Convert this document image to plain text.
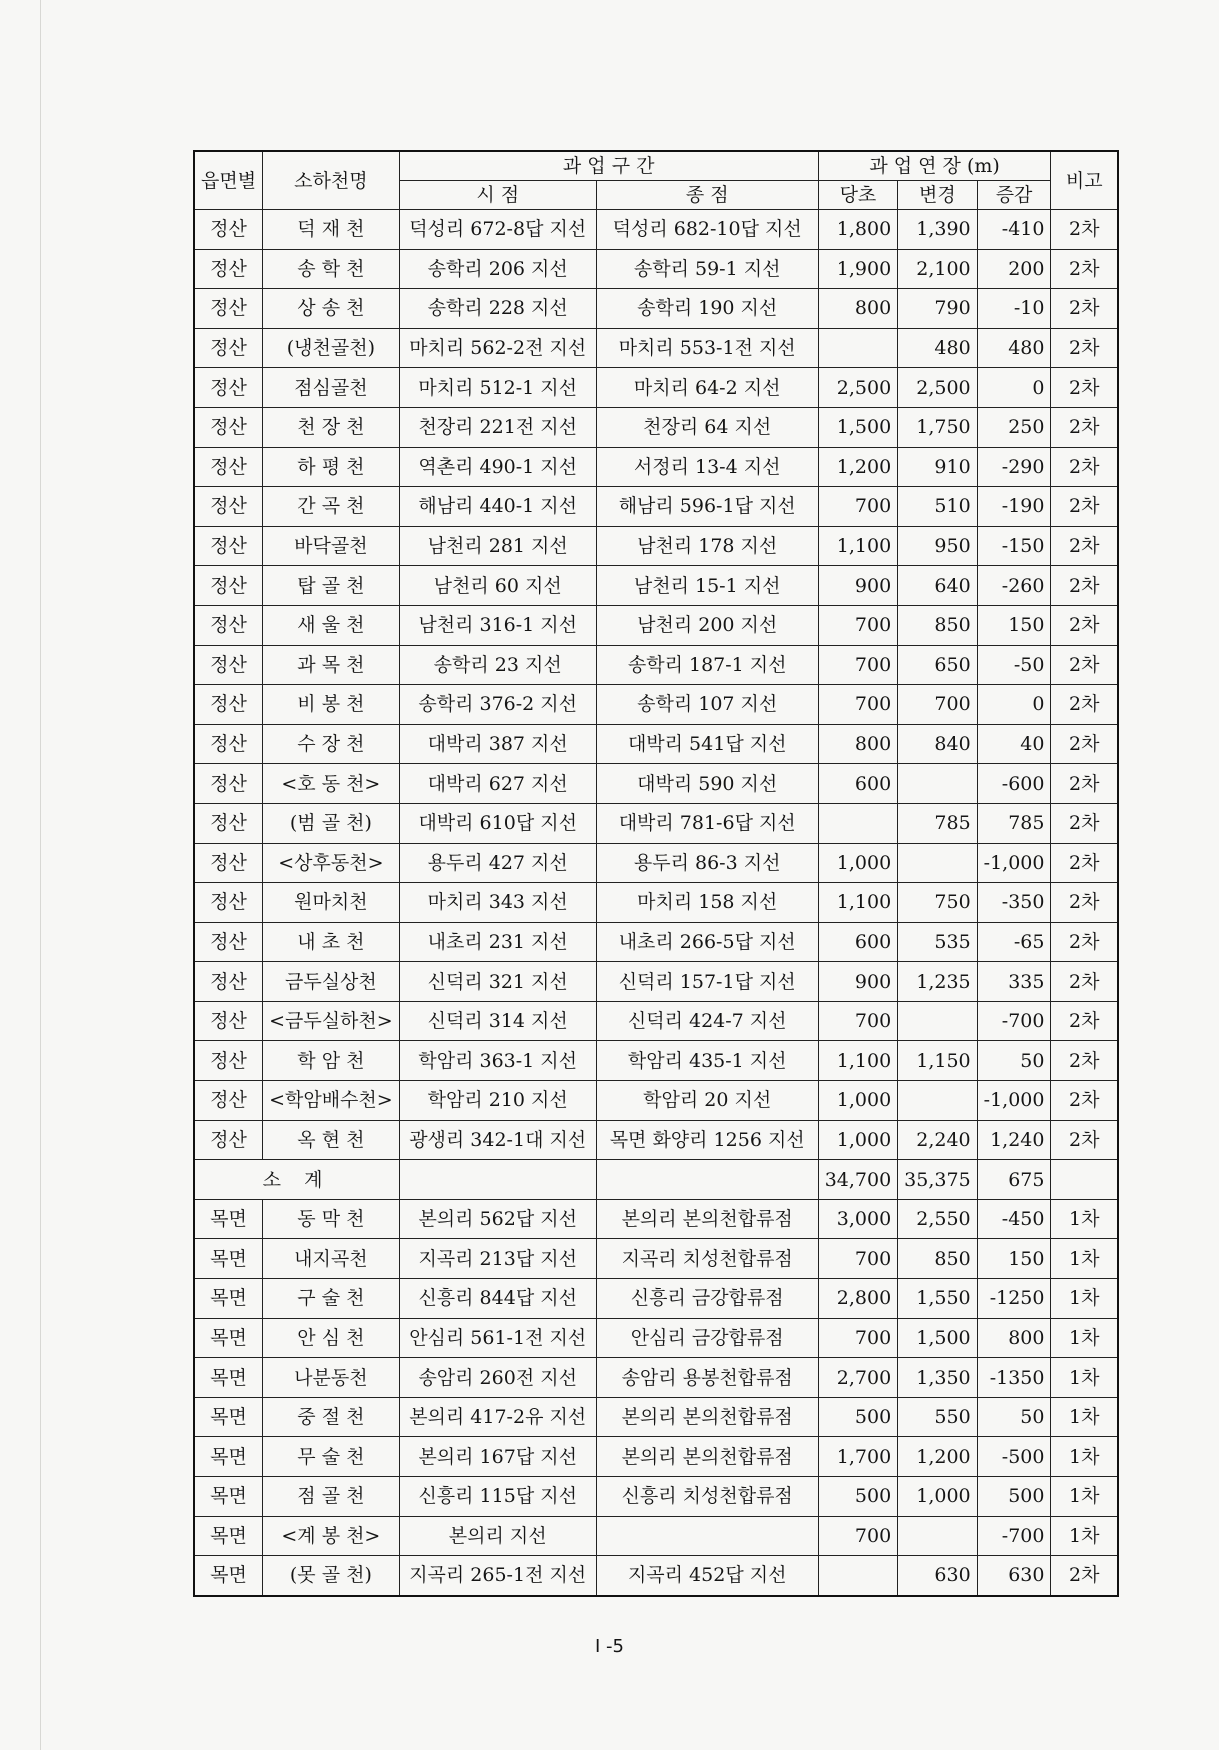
읍면별	소하천명	과 업 구 간		과 업 연 장 (m)			비고
		시 점	종 점	당초	변경	증감	
정산	덕 재 천	덕성리 672-8답 지선	덕성리 682-10답 지선	1,800	1,390	-410	2차
정산	송 학 천	송학리 206 지선	송학리 59-1 지선	1,900	2,100	200	2차
정산	상 송 천	송학리 228 지선	송학리 190 지선	800	790	-10	2차
정산	(냉천골천)	마치리 562-2전 지선	마치리 553-1전 지선		480	480	2차
정산	점심골천	마치리 512-1 지선	마치리 64-2 지선	2,500	2,500	0	2차
정산	천 장 천	천장리 221전 지선	천장리 64 지선	1,500	1,750	250	2차
정산	하 평 천	역촌리 490-1 지선	서정리 13-4 지선	1,200	910	-290	2차
정산	간 곡 천	해남리 440-1 지선	해남리 596-1답 지선	700	510	-190	2차
정산	바닥골천	남천리 281 지선	남천리 178 지선	1,100	950	-150	2차
정산	탑 골 천	남천리 60 지선	남천리 15-1 지선	900	640	-260	2차
정산	새 울 천	남천리 316-1 지선	남천리 200 지선	700	850	150	2차
정산	과 목 천	송학리 23 지선	송학리 187-1 지선	700	650	-50	2차
정산	비 봉 천	송학리 376-2 지선	송학리 107 지선	700	700	0	2차
정산	수 장 천	대박리 387 지선	대박리 541답 지선	800	840	40	2차
정산	<호 동 천>	대박리 627 지선	대박리 590 지선	600		-600	2차
정산	(범 골 천)	대박리 610답 지선	대박리 781-6답 지선		785	785	2차
정산	<상후동천>	용두리 427 지선	용두리 86-3 지선	1,000		-1,000	2차
정산	원마치천	마치리 343 지선	마치리 158 지선	1,100	750	-350	2차
정산	내 초 천	내초리 231 지선	내초리 266-5답 지선	600	535	-65	2차
정산	금두실상천	신덕리 321 지선	신덕리 157-1답 지선	900	1,235	335	2차
정산	<금두실하천>	신덕리 314 지선	신덕리 424-7 지선	700		-700	2차
정산	학 암 천	학암리 363-1 지선	학암리 435-1 지선	1,100	1,150	50	2차
정산	<학암배수천>	학암리 210 지선	학암리 20 지선	1,000		-1,000	2차
정산	옥 현 천	광생리 342-1대 지선	목면 화양리 1256 지선	1,000	2,240	1,240	2차
소 계				34,700	35,375	675	
목면	동 막 천	본의리 562답 지선	본의리 본의천합류점	3,000	2,550	-450	1차
목면	내지곡천	지곡리 213답 지선	지곡리 치성천합류점	700	850	150	1차
목면	구 술 천	신흥리 844답 지선	신흥리 금강합류점	2,800	1,550	-1250	1차
목면	안 심 천	안심리 561-1전 지선	안심리 금강합류점	700	1,500	800	1차
목면	나분동천	송암리 260전 지선	송암리 용봉천합류점	2,700	1,350	-1350	1차
목면	중 절 천	본의리 417-2유 지선	본의리 본의천합류점	500	550	50	1차
목면	무 술 천	본의리 167답 지선	본의리 본의천합류점	1,700	1,200	-500	1차
목면	점 골 천	신흥리 115답 지선	신흥리 치성천합류점	500	1,000	500	1차
목면	<계 봉 천>	본의리 지선		700		-700	1차
목면	(못 골 천)	지곡리 265-1전 지선	지곡리 452답 지선		630	630	2차
I -5
